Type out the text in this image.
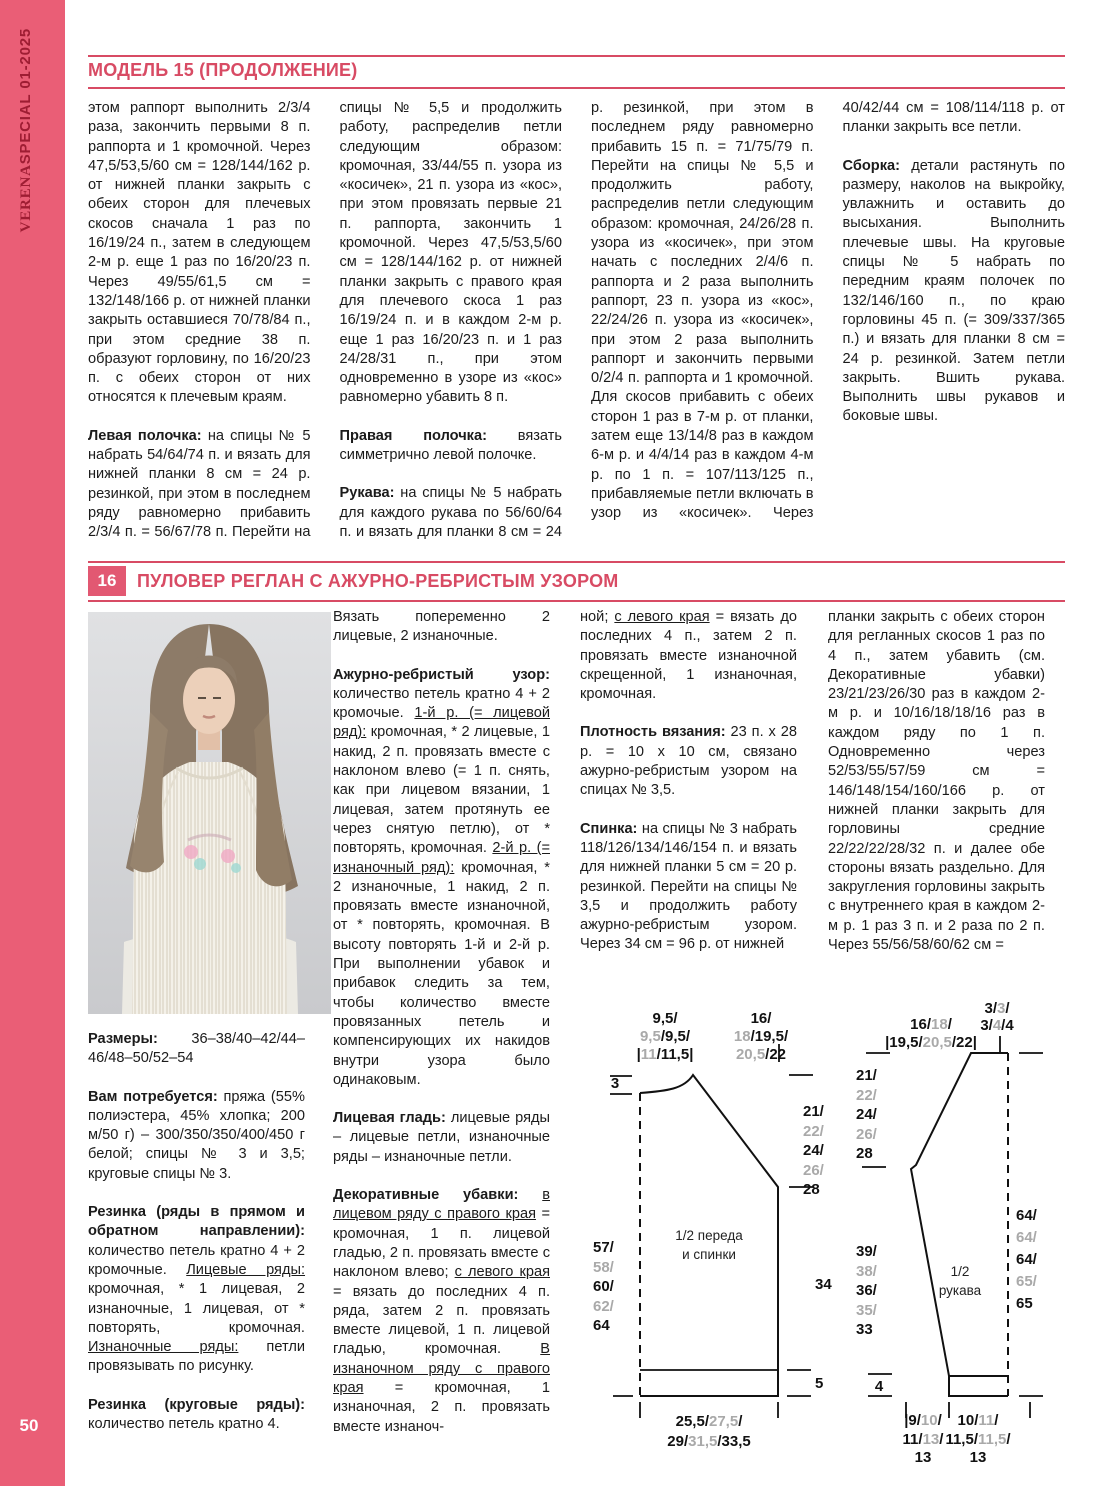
VERENASPECIAL 01-2025
50
МОДЕЛЬ 15 (ПРОДОЛЖЕНИЕ)

этом раппорт выполнить 2/3/4 раза, закончить первыми 8 п. раппорта и 1 кромочной. Через 47,5/53,5/60 см = 128/144/162 р. от нижней планки закрыть с обеих сторон для плечевых скосов сначала 1 раз по 16/19/24 п., затем в следующем 2-м р. еще 1 раз по 16/20/23 п. Через 49/55/61,5 см = 132/148/166 р. от нижней планки закрыть оставшиеся 70/78/84 п., при этом средние 38 п. образуют горловину, по 16/20/23 п. с обеих сторон от них относятся к плечевым краям.

Левая полочка: на спицы № 5 набрать 54/64/74 п. и вязать для нижней планки 8 см = 24 р. резинкой, при этом в последнем ряду равномерно прибавить 2/3/4 п. = 56/67/78 п. Перейти на спицы № 5,5 и продолжить работу, распределив петли следующим образом: кромочная, 33/44/55 п. узора из «косичек», 21 п. узора из «кос», при этом провязать первые 21 п. раппорта, закончить 1 кромочной. Через 47,5/53,5/60 см = 128/144/162 р. от нижней планки закрыть с правого края для плечевого скоса 1 раз 16/19/24 п. и в каждом 2-м р. еще 1 раз 16/20/23 п. и 1 раз 24/28/31 п., при этом одновременно в узоре из «кос» равномерно убавить 8 п.

Правая полочка: вязать симметрично левой полочке.

Рукава: на спицы № 5 набрать для каждого рукава по 56/60/64 п. и вязать для планки 8 см = 24 р. резинкой, при этом в последнем ряду равномерно прибавить 15 п. = 71/75/79 п. Перейти на спицы № 5,5 и продолжить работу, распределив петли следующим образом: кромочная, 24/26/28 п. узора из «косичек», при этом начать с последних 2/4/6 п. раппорта и 2 раза выполнить раппорт, 23 п. узора из «кос», 22/24/26 п. узора из «косичек», при этом 2 раза выполнить раппорт и закончить первыми 0/2/4 п. раппорта и 1 кромочной. Для скосов прибавить с обеих сторон 1 раз в 7-м р. от планки, затем еще 13/14/8 раз в каждом 6-м р. и 4/4/14 раз в каждом 4-м р. по 1 п. = 107/113/125 п., прибавляемые петли включать в узор из «косичек». Через 40/42/44 см = 108/114/118 р. от планки закрыть все петли.

Сборка: детали растянуть по размеру, наколов на выкройку, увлажнить и оставить до высыхания. Выполнить плечевые швы. На круговые спицы № 5 набрать по передним краям полочек по 132/146/160 п., по краю горловины 45 п. (= 309/337/365 п.) и вязать для планки 8 см = 24 р. резинкой. Затем петли закрыть. Вшить рукава. Выполнить швы рукавов и боковые швы.

16	ПУЛОВЕР РЕГЛАН С АЖУРНО-РЕБРИСТЫМ УЗОРОМ

Размеры: 36–38/40–42/44–46/48–50/52–54

Вам потребуется: пряжа (55% полиэстера, 45% хлопка; 200 м/50 г) – 300/350/350/400/450 г белой; спицы № 3 и 3,5; круговые спицы № 3.

Резинка (ряды в прямом и обратном направлении): количество петель кратно 4 + 2 кромочные. Лицевые ряды: кромочная, * 1 лицевая, 2 изнаночные, 1 лицевая, от * повторять, кромочная. Изнаночные ряды: петли провязывать по рисунку.

Резинка (круговые ряды): количество петель кратно 4.

Вязать попеременно 2 лицевые, 2 изнаночные.

Ажурно-ребристый узор: количество петель кратно 4 + 2 кромочые. 1-й р. (= лицевой ряд): кромочная, * 2 лицевые, 1 накид, 2 п. провязать вместе с наклоном влево (= 1 п. снять, как при лицевом вязании, 1 лицевая, затем протянуть ее через снятую петлю), от * повторять, кромочная. 2-й р. (= изнаночный ряд): кромочная, * 2 изнаночные, 1 накид, 2 п. провязать вместе изнаночной, от * повторять, кромочная. В высоту повторять 1-й и 2-й р. При выполнении убавок и прибавок следить за тем, чтобы количество вместе провязанных петель и компенсирующих их накидов внутри узора было одинаковым.

Лицевая гладь: лицевые ряды – лицевые петли, изнаночные ряды – изнаночные петли.

Декоративные убавки: в лицевом ряду с правого края = кромочная, 1 п. лицевой гладью, 2 п. провязать вместе с наклоном влево; с левого края = вязать до последних 4 п. ряда, затем 2 п. провязать вместе лицевой, 1 п. лицевой гладью, кромочная. В изнаночном ряду с правого края = кромочная, 1 изнаночная, 2 п. провязать вместе изнаноч-

ной; с левого края = вязать до последних 4 п., затем 2 п. провязать вместе изнаночной скрещенной, 1 изнаночная, кромочная.

Плотность вязания: 23 п. x 28 р. = 10 x 10 см, связано ажурно-ребристым узором на спицах № 3,5.

Спинка: на спицы № 3 набрать 118/126/134/146/154 п. и вязать для нижней планки 5 см = 20 р. резинкой. Перейти на спицы № 3,5 и продолжить работу ажурно-ребристым узором. Через 34 см = 96 р. от нижней

планки закрыть с обеих сторон для регланных скосов 1 раз по 4 п., затем убавить (см. Декоративные убавки) 23/21/23/26/30 раз в каждом 2-м р. и 10/16/18/18/16 раз в каждом ряду по 1 п. Одновременно через 52/53/55/57/59 см = 146/148/154/160/166 р. от нижней планки закрыть для горловины средние 22/22/22/28/32 п. и далее обе стороны вязать раздельно. Для закругления горловины закрыть с внутреннего края в каждом 2-м р. 1 раз 3 п. и 2 раза по 2 п. Через 55/56/58/60/62 см =

9,5/
9,5/9,5/
|11/11,5|
16/
18/19,5/
20,5/22
3
21/
22/
24/
26/
28
57/
58/
60/
62/
64
34
5
1/2 переда
и спинки
25,5/27,5/
29/31,5/33,5
3/3/
3/4/4
16/18/
|19,5/20,5/22|
21/
22/
24/
26/
28
39/
38/
36/
35/
33
64/
64/
64/
65/
65
4
1/2
рукава
|9/10/
11/13/
13
10/11/
11,5/11,5/
13
